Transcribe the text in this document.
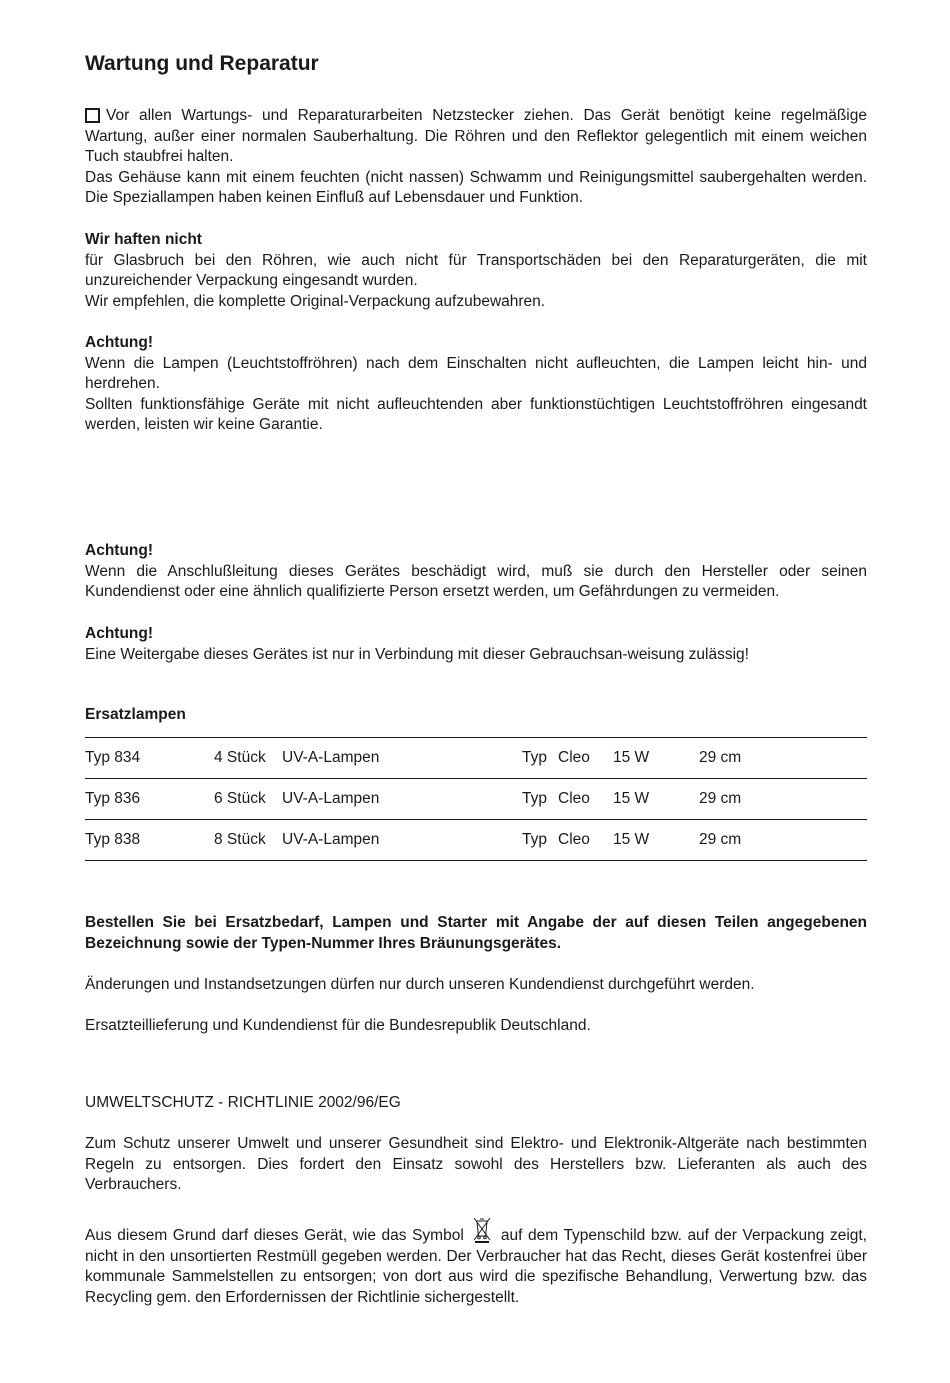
Wartung und Reparatur

Vor allen Wartungs- und Reparaturarbeiten Netzstecker ziehen. Das Gerät benötigt keine regelmäßige Wartung, außer einer normalen Sauberhaltung. Die Röhren und den Reflektor gelegentlich mit einem weichen Tuch staubfrei halten.

Das Gehäuse kann mit einem feuchten (nicht nassen) Schwamm und Reinigungsmittel saubergehalten werden. Die Speziallampen haben keinen Einfluß auf Lebensdauer und Funktion.

Wir haften nicht

für Glasbruch bei den Röhren, wie auch nicht für Transportschäden bei den Reparaturgeräten, die mit unzureichender Verpackung eingesandt wurden.

Wir empfehlen, die komplette Original-Verpackung aufzubewahren.

Achtung!

Wenn die Lampen (Leuchtstoffröhren) nach dem Einschalten nicht aufleuchten, die Lampen leicht hin- und herdrehen.

Sollten funktionsfähige Geräte mit nicht aufleuchtenden aber funktionstüchtigen Leuchtstoffröhren eingesandt werden, leisten wir keine Garantie.

Achtung!

Wenn die Anschlußleitung dieses Gerätes beschädigt wird, muß sie durch den Hersteller oder seinen Kundendienst oder eine ähnlich qualifizierte Person ersetzt werden, um Gefährdungen zu vermeiden.

Achtung!

Eine Weitergabe dieses Gerätes ist nur in Verbindung mit dieser Gebrauchsan-weisung zulässig!

Ersatzlampen
Typ 834	4 Stück UV-A-Lampen	Typ Cleo 15 W	29 cm
Typ 836	6 Stück UV-A-Lampen	Typ Cleo 15 W	29 cm
Typ 838	8 Stück UV-A-Lampen	Typ Cleo 15 W	29 cm
Bestellen Sie bei Ersatzbedarf, Lampen und Starter mit Angabe der auf diesen Teilen angegebenen Bezeichnung sowie der Typen-Nummer Ihres Bräunungsgerätes.
Änderungen und Instandsetzungen dürfen nur durch unseren Kundendienst durchgeführt werden.
Ersatzteillieferung und Kundendienst für die Bundesrepublik Deutschland.
UMWELTSCHUTZ - RICHTLINIE 2002/96/EG
Zum Schutz unserer Umwelt und unserer Gesundheit sind Elektro- und Elektronik-Altgeräte nach bestimmten Regeln zu entsorgen. Dies fordert den Einsatz sowohl des Herstellers bzw. Lieferanten als auch des Verbrauchers.
Aus diesem Grund darf dieses Gerät, wie das Symbol auf dem Typenschild bzw. auf der Verpackung zeigt, nicht in den unsortierten Restmüll gegeben werden. Der Verbraucher hat das Recht, dieses Gerät kostenfrei über kommunale Sammelstellen zu entsorgen; von dort aus wird die spezifische Behandlung, Verwertung bzw. das Recycling gem. den Erfordernissen der Richtlinie sichergestellt.
